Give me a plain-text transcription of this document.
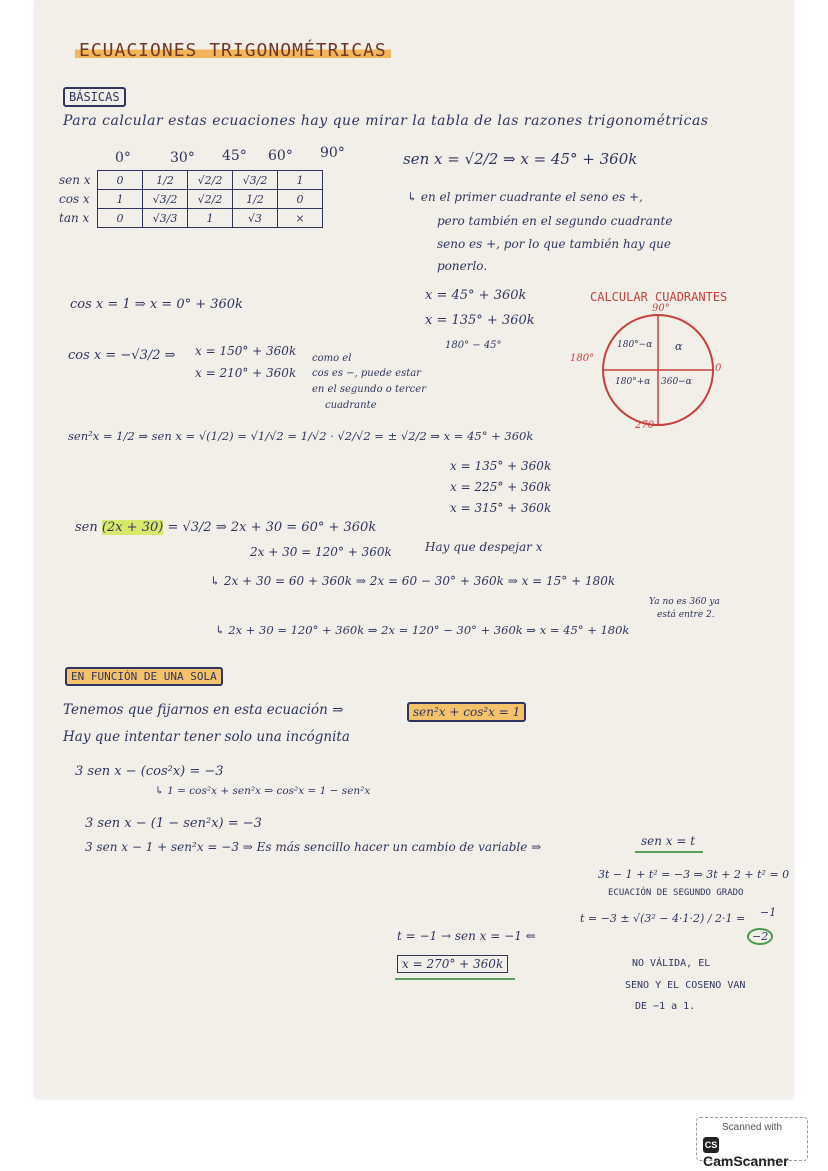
ECUACIONES TRIGONOMÉTRICAS
BÁSICAS
Para calcular estas ecuaciones hay que mirar la tabla de las razones trigonométricas
0°	30° 45° 60° 90°
sen x	0	1/2	√2/2	√3/2	1
cos x	1	√3/2	√2/2	1/2	0
tan x	0	√3/3	1	√3	×
sen x = √2/2 ⇒ x = 45° + 360k
↳ en el primer cuadrante el seno es +,
pero también en el segundo cuadrante
seno es +, por lo que también hay que
ponerlo.
x = 45° + 360k
x = 135° + 360k
180° − 45°
CALCULAR CUADRANTES
90°
180°
0
270
α
180°−α
180°+α 360−α
cos x = 1 ⇒ x = 0° + 360k
cos x = −√3/2 ⇒ x = 150° + 360k
x = 210° + 360k
como el
cos es −, puede estar
en el segundo o tercer
cuadrante
sen²x = 1/2 ⇒ sen x = √(1/2) = √1/√2 = 1/√2 · √2/√2 = ± √2/2 ⇒ x = 45° + 360k
x = 135° + 360k
x = 225° + 360k
x = 315° + 360k
sen (2x + 30) = √3/2 ⇒ 2x + 30 = 60° + 360k
2x + 30 = 120° + 360k	Hay que despejar x
↳ 2x + 30 = 60 + 360k ⇒ 2x = 60 − 30° + 360k ⇒ x = 15° + 180k
Ya no es 360 ya
está entre 2.
↳ 2x + 30 = 120° + 360k ⇒ 2x = 120° − 30° + 360k ⇒ x = 45° + 180k
EN FUNCIÓN DE UNA SOLA
Tenemos que fijarnos en esta ecuación ⇒	sen²x + cos²x = 1
Hay que intentar tener solo una incógnita
3 sen x − (cos²x) = −3
↳ 1 = cos²x + sen²x ⇒ cos²x = 1 − sen²x
3 sen x − (1 − sen²x) = −3
3 sen x − 1 + sen²x = −3 ⇒ Es más sencillo hacer un cambio de variable ⇒	sen x = t
3t − 1 + t² = −3 ⇒ 3t + 2 + t² = 0
ECUACIÓN DE SEGUNDO GRADO
t = −3 ± √(3² − 4·1·2) / 2·1 = −1
−2
t = −1 → sen x = −1 ⇐
x = 270° + 360k	NO VÁLIDA, EL
SENO Y EL COSENO VAN
DE −1 a 1.
Scanned with
CSCamScanner
